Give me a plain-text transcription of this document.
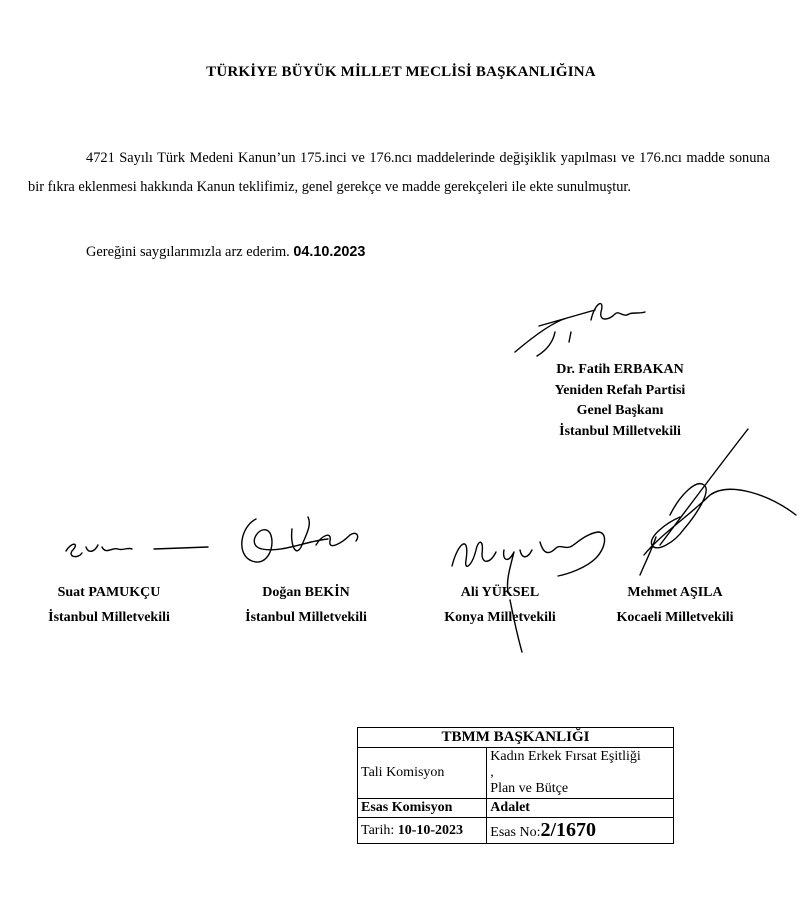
TÜRKİYE BÜYÜK MİLLET MECLİSİ BAŞKANLIĞINA
4721 Sayılı Türk Medeni Kanun’un 175.inci ve 176.ncı maddelerinde değişiklik yapılması ve 176.ncı madde sonuna bir fıkra eklenmesi hakkında Kanun teklifimiz, genel gerekçe ve madde gerekçeleri ile ekte sunulmuştur.
Gereğini saygılarımızla arz ederim. 04.10.2023
Dr. Fatih ERBAKAN
Yeniden Refah Partisi
Genel Başkanı
İstanbul Milletvekili
Suat PAMUKÇU
İstanbul Milletvekili
Doğan BEKİN
İstanbul Milletvekili
Ali YÜKSEL
Konya Milletvekili
Mehmet AŞILA
Kocaeli Milletvekili
TBMM BAŞKANLIĞI	
Tali Komisyon	Kadın Erkek Fırsat Eşitliği
,
Plan ve Bütçe

Esas Komisyon	Adalet
Tarih: 10-10-2023	Esas No:2/1670
